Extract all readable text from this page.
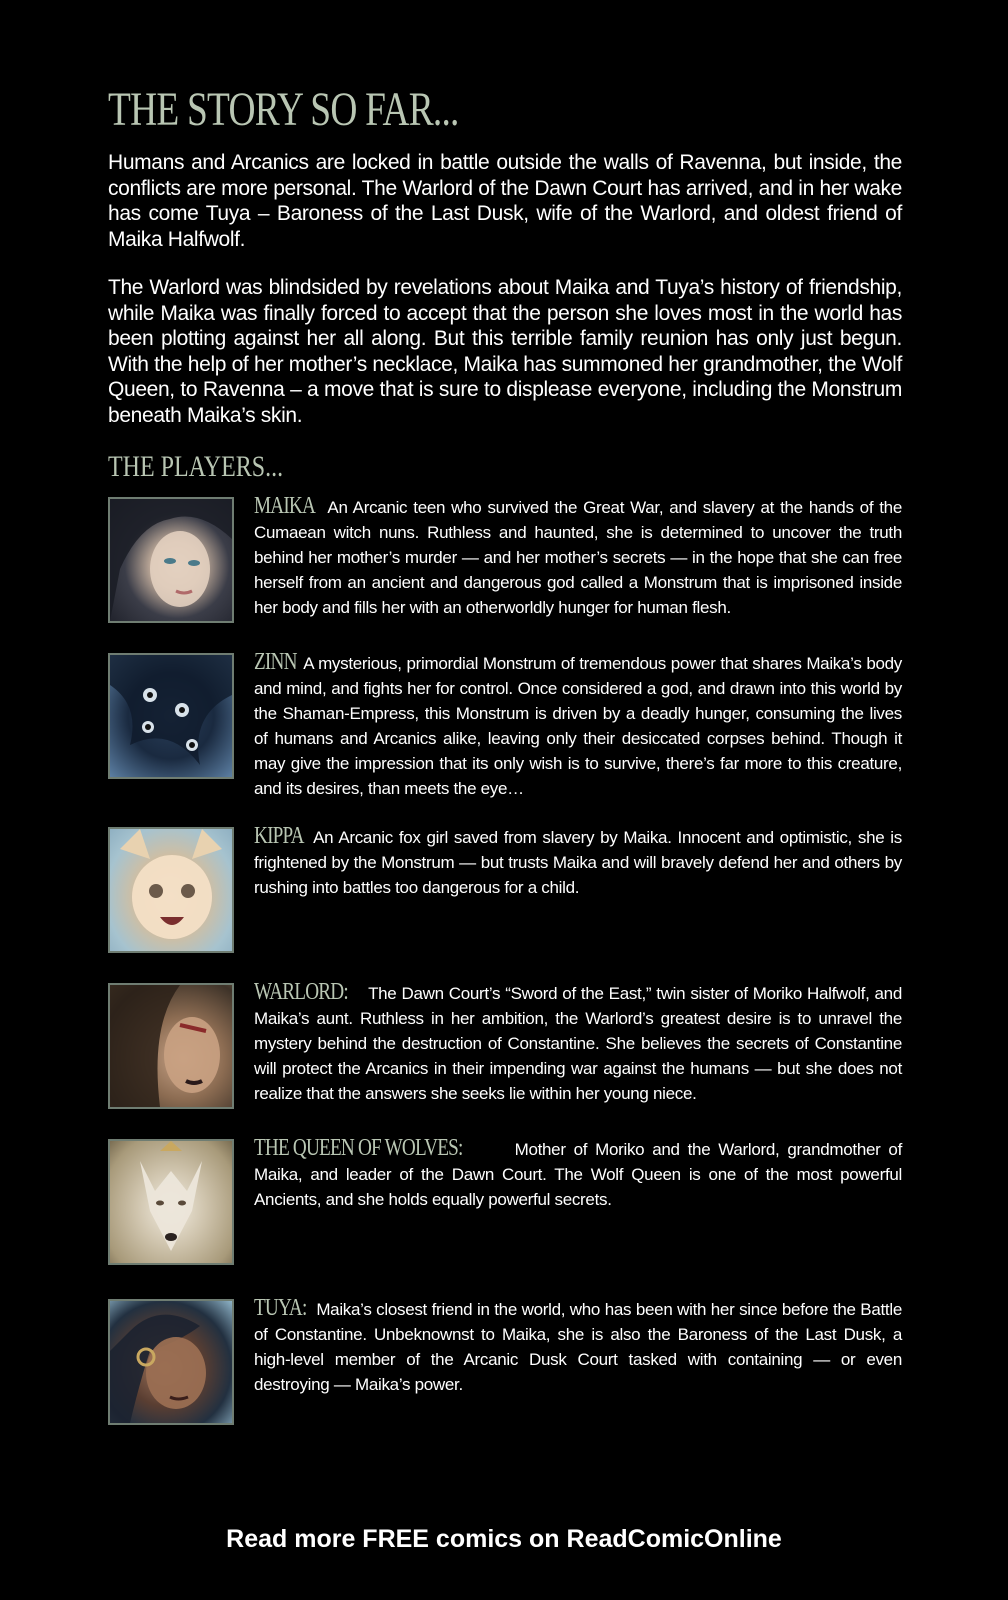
THE STORY SO FAR...

Humans and Arcanics are locked in battle outside the walls of Ravenna, but inside, the conflicts are more personal. The Warlord of the Dawn Court has arrived, and in her wake has come Tuya – Baroness of the Last Dusk, wife of the Warlord, and oldest friend of Maika Halfwolf.

The Warlord was blindsided by revelations about Maika and Tuya’s history of friendship, while Maika was finally forced to accept that the person she loves most in the world has been plotting against her all along. But this terrible family reunion has only just begun. With the help of her mother’s necklace, Maika has summoned her grandmother, the Wolf Queen, to Ravenna – a move that is sure to displease everyone, including the Monstrum beneath Maika’s skin.

THE PLAYERS...
MAIKA An Arcanic teen who survived the Great War, and slavery at the hands of the Cumaean witch nuns. Ruthless and haunted, she is determined to uncover the truth behind her mother’s murder — and her mother’s secrets — in the hope that she can free herself from an ancient and dangerous god called a Monstrum that is imprisoned inside her body and fills her with an otherworldly hunger for human flesh.
ZINN A mysterious, primordial Monstrum of tremendous power that shares Maika’s body and mind, and fights her for control. Once considered a god, and drawn into this world by the Shaman-Empress, this Monstrum is driven by a deadly hunger, consuming the lives of humans and Arcanics alike, leaving only their desiccated corpses behind. Though it may give the impression that its only wish is to survive, there’s far more to this creature, and its desires, than meets the eye…
KIPPA An Arcanic fox girl saved from slavery by Maika. Innocent and optimistic, she is frightened by the Monstrum — but trusts Maika and will bravely defend her and others by rushing into battles too dangerous for a child.
WARLORD: The Dawn Court’s “Sword of the East,” twin sister of Moriko Halfwolf, and Maika’s aunt. Ruthless in her ambition, the Warlord’s greatest desire is to unravel the mystery behind the destruction of Constantine. She believes the secrets of Constantine will protect the Arcanics in their impending war against the humans — but she does not realize that the answers she seeks lie within her young niece.
THE QUEEN OF WOLVES:	Mother of Moriko and the Warlord, grandmother of Maika, and leader of the Dawn Court. The Wolf Queen is one of the most powerful Ancients, and she holds equally powerful secrets.
TUYA: Maika’s closest friend in the world, who has been with her since before the Battle of Constantine. Unbeknownst to Maika, she is also the Baroness of the Last Dusk, a high-level member of the Arcanic Dusk Court tasked with containing — or even destroying — Maika’s power.
Read more FREE comics on ReadComicOnline
